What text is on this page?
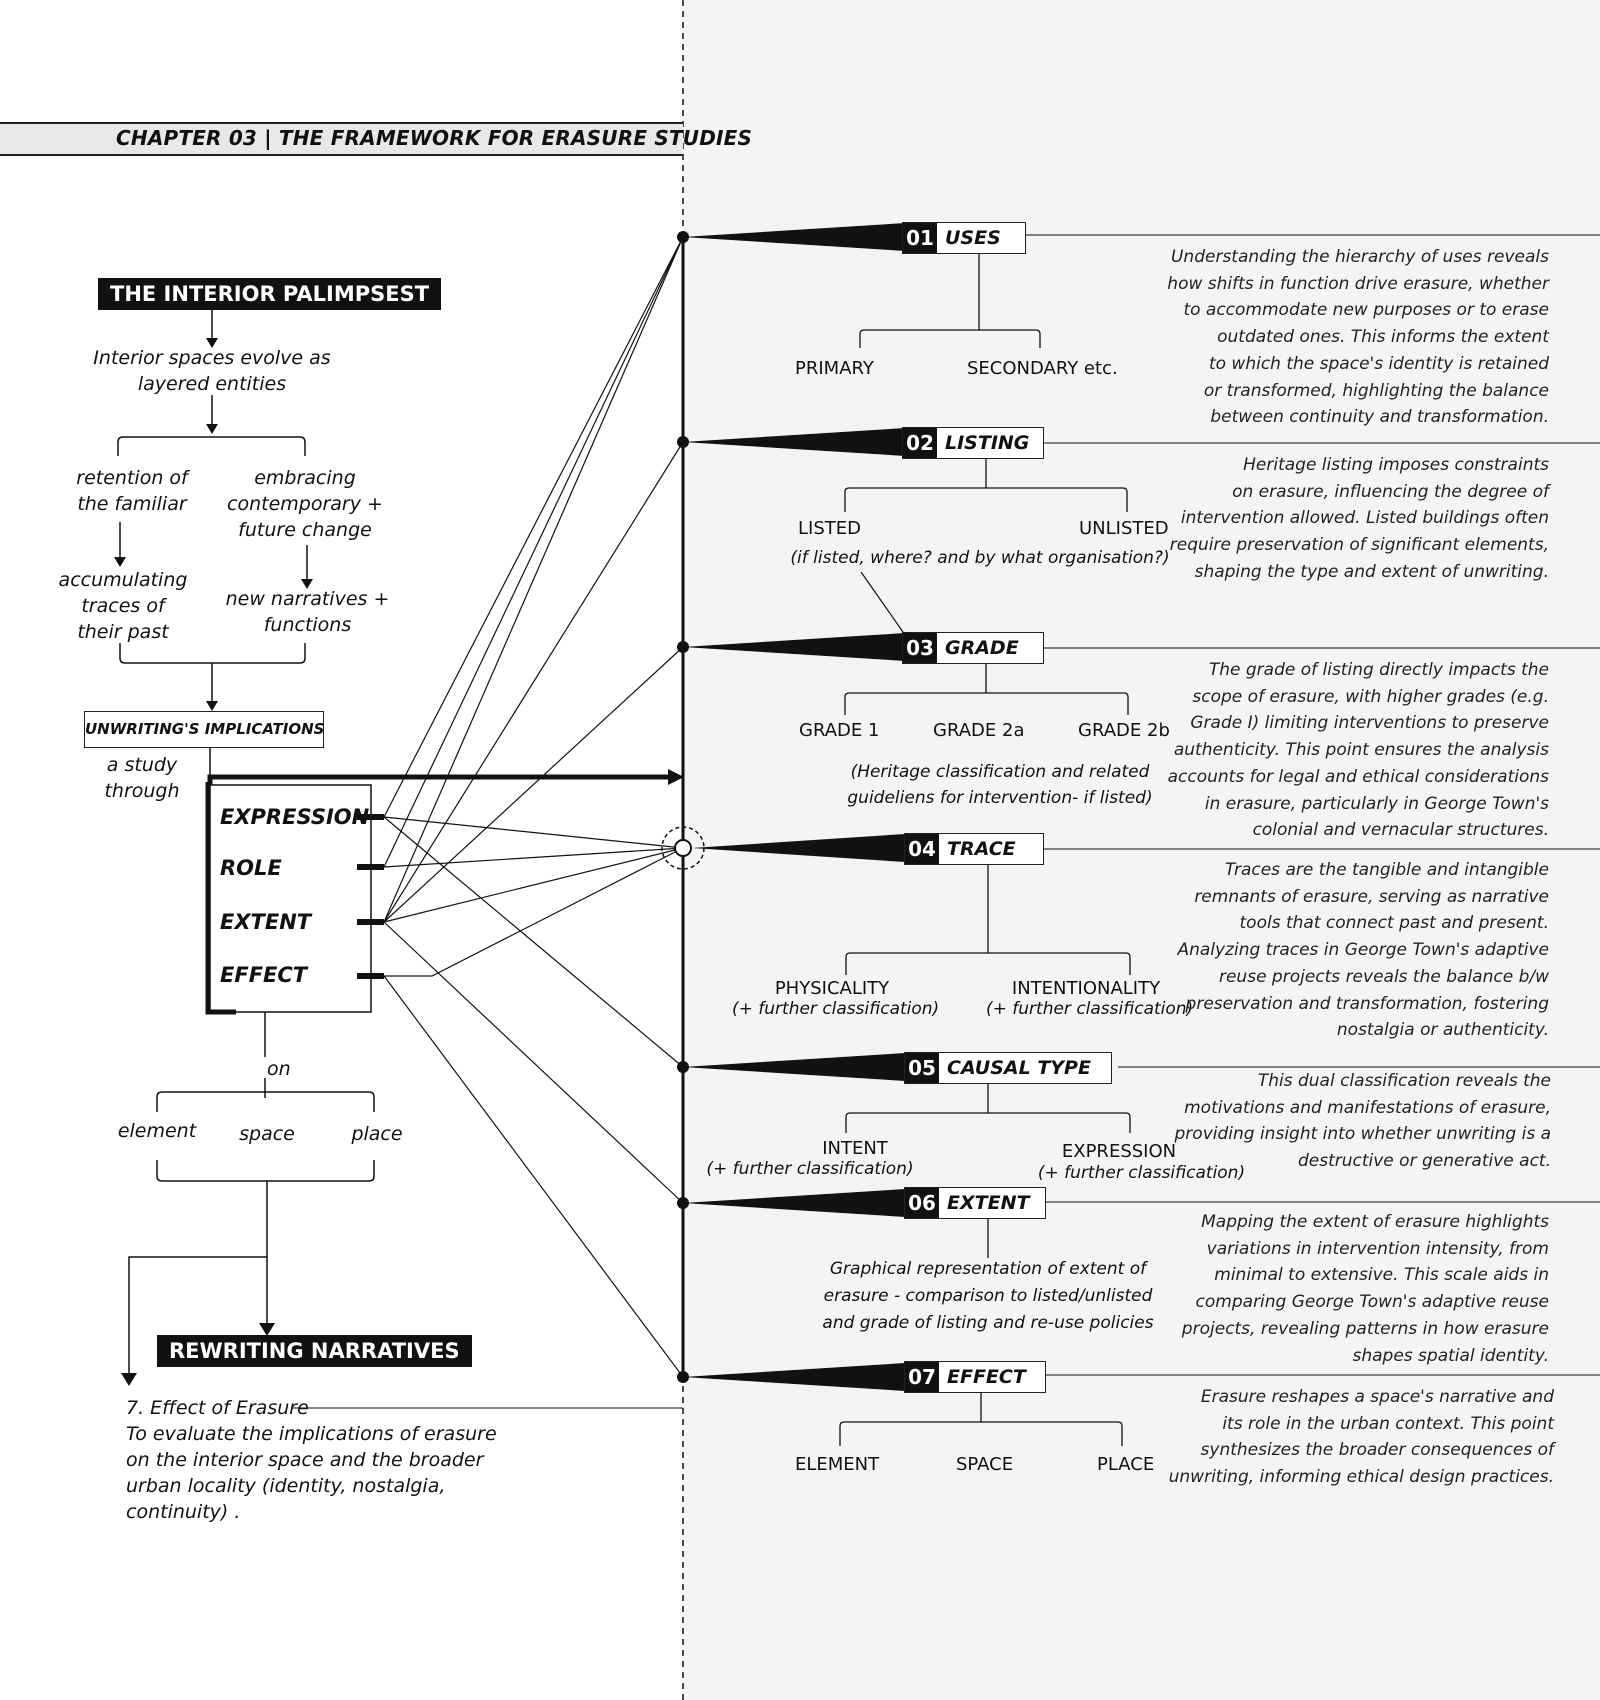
CHAPTER 03 | THE FRAMEWORK FOR ERASURE STUDIES
THE INTERIOR PALIMPSEST
Interior spaces evolve as layered entities
retention of the familiar
embracing contemporary + future change
accumulating traces of their past
new narratives + functions
UNWRITING'S IMPLICATIONS
a study through
EXPRESSION
ROLE
EXTENT
EFFECT
on
element	space	place
REWRITING NARRATIVES
7. Effect of Erasure
To evaluate the implications of erasure on the interior space and the broader urban locality (identity, nostalgia, continuity) .
01 USES
02 LISTING
03 GRADE
04 TRACE
05 CAUSAL TYPE
06 EXTENT
07 EFFECT
PRIMARY	SECONDARY etc.
LISTED	UNLISTED
(if listed, where? and by what organisation?)
GRADE 1	GRADE 2a	GRADE 2b
(Heritage classification and related
guideliens for intervention- if listed)
PHYSICALITY
(+ further classification)
INTENTIONALITY
(+ further classification)
INTENT
(+ further classification)
EXPRESSION
(+ further classification)
Graphical representation of extent of
erasure - comparison to listed/unlisted
and grade of listing and re-use policies
ELEMENT	SPACE	PLACE
Understanding the hierarchy of uses reveals
how shifts in function drive erasure, whether
to accommodate new purposes or to erase
outdated ones. This informs the extent
to which the space's identity is retained
or transformed, highlighting the balance
between continuity and transformation.
Heritage listing imposes constraints
on erasure, influencing the degree of
intervention allowed. Listed buildings often
require preservation of significant elements,
shaping the type and extent of unwriting.
The grade of listing directly impacts the
scope of erasure, with higher grades (e.g.
Grade I) limiting interventions to preserve
authenticity. This point ensures the analysis
accounts for legal and ethical considerations
in erasure, particularly in George Town's
colonial and vernacular structures.
Traces are the tangible and intangible
remnants of erasure, serving as narrative
tools that connect past and present.
Analyzing traces in George Town's adaptive
reuse projects reveals the balance b/w
preservation and transformation, fostering
nostalgia or authenticity.
This dual classification reveals the
motivations and manifestations of erasure,
providing insight into whether unwriting is a
destructive or generative act.
Mapping the extent of erasure highlights
variations in intervention intensity, from
minimal to extensive. This scale aids in
comparing George Town's adaptive reuse
projects, revealing patterns in how erasure
shapes spatial identity.
Erasure reshapes a space's narrative and
its role in the urban context. This point
synthesizes the broader consequences of
unwriting, informing ethical design practices.
